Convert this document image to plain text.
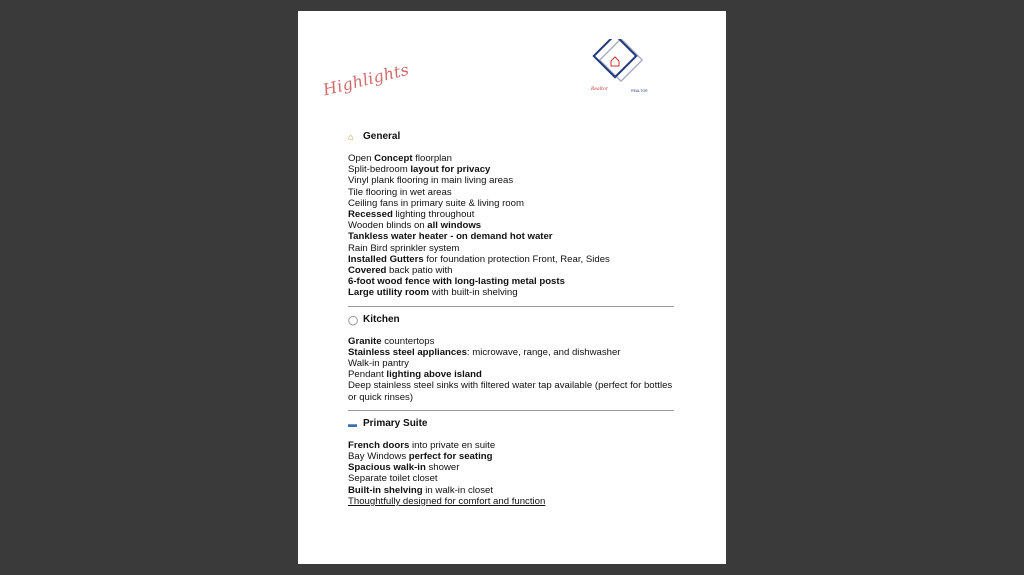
Realtor	REALTOR
Highlights
⌂ General
Open Concept floorplan
Split-bedroom layout for privacy
Vinyl plank flooring in main living areas
Tile flooring in wet areas
Ceiling fans in primary suite & living room
Recessed lighting throughout
Wooden blinds on all windows
Tankless water heater - on demand hot water
Rain Bird sprinkler system
Installed Gutters for foundation protection Front, Rear, Sides
Covered back patio with
6-foot wood fence with long-lasting metal posts
Large utility room with built-in shelving
◯ Kitchen
Granite countertops
Stainless steel appliances: microwave, range, and dishwasher
Walk-in pantry
Pendant lighting above island
Deep stainless steel sinks with filtered water tap available (perfect for bottles or quick rinses)
▬ Primary Suite
French doors into private en suite
Bay Windows perfect for seating
Spacious walk-in shower
Separate toilet closet
Built-in shelving in walk-in closet
Thoughtfully designed for comfort and function
